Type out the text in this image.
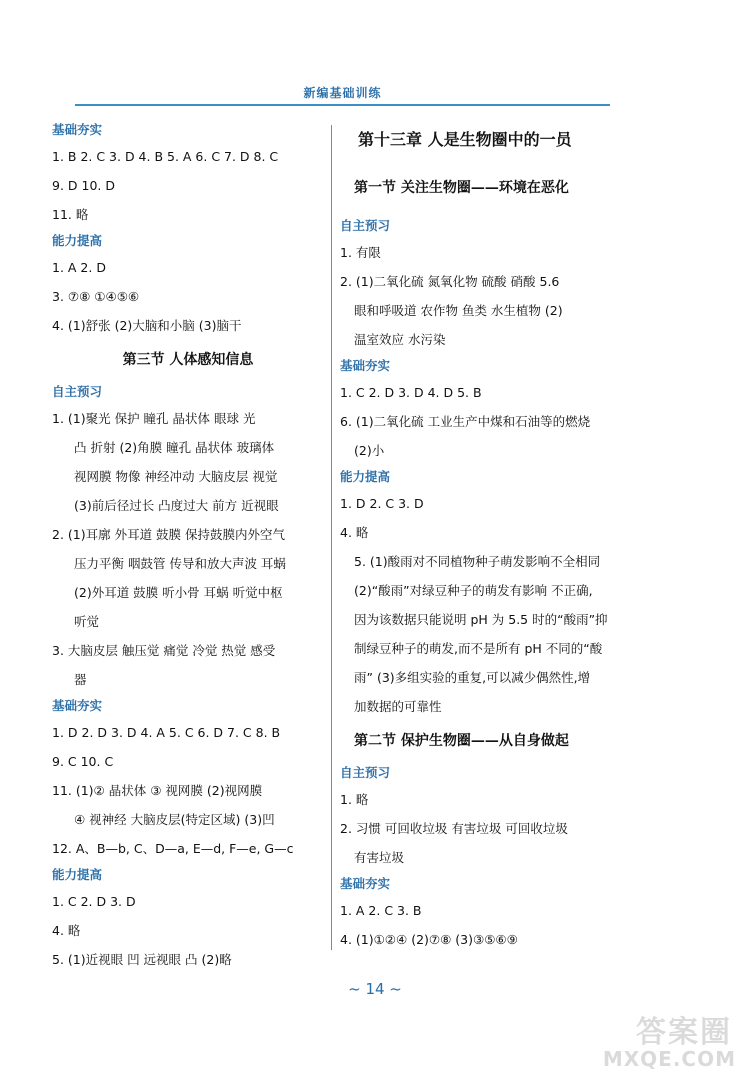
新编基础训练
基础夯实
1. B 2. C 3. D 4. B 5. A 6. C 7. D 8. C
9. D 10. D
11. 略
能力提高
1. A 2. D
3. ⑦⑧ ①④⑤⑥
4. (1)舒张 (2)大脑和小脑 (3)脑干
第三节 人体感知信息
自主预习
1. (1)聚光 保护 瞳孔 晶状体 眼球 光
凸 折射 (2)角膜 瞳孔 晶状体 玻璃体
视网膜 物像 神经冲动 大脑皮层 视觉
(3)前后径过长 凸度过大 前方 近视眼
2. (1)耳廓 外耳道 鼓膜 保持鼓膜内外空气
压力平衡 咽鼓管 传导和放大声波 耳蜗
(2)外耳道 鼓膜 听小骨 耳蜗 听觉中枢
听觉
3. 大脑皮层 触压觉 痛觉 冷觉 热觉 感受
器
基础夯实
1. D 2. D 3. D 4. A 5. C 6. D 7. C 8. B
9. C 10. C
11. (1)② 晶状体 ③ 视网膜 (2)视网膜
④ 视神经 大脑皮层(特定区域) (3)凹
12. A、B—b, C、D—a, E—d, F—e, G—c
能力提高
1. C 2. D 3. D
4. 略
5. (1)近视眼 凹 远视眼 凸 (2)略
第十三章 人是生物圈中的一员
第一节 关注生物圈——环境在恶化
自主预习
1. 有限
2. (1)二氧化硫 氮氧化物 硫酸 硝酸 5.6
眼和呼吸道 农作物 鱼类 水生植物 (2)
温室效应 水污染
基础夯实
1. C 2. D 3. D 4. D 5. B
6. (1)二氧化硫 工业生产中煤和石油等的燃烧
(2)小
能力提高
1. D 2. C 3. D
4. 略
5. (1)酸雨对不同植物种子萌发影响不全相同
(2)“酸雨”对绿豆种子的萌发有影响 不正确,
因为该数据只能说明 pH 为 5.5 时的“酸雨”抑
制绿豆种子的萌发,而不是所有 pH 不同的“酸
雨” (3)多组实验的重复,可以减少偶然性,增
加数据的可靠性
第二节 保护生物圈——从自身做起
自主预习
1. 略
2. 习惯 可回收垃圾 有害垃圾 可回收垃圾
有害垃圾
基础夯实
1. A 2. C 3. B
4. (1)①②④ (2)⑦⑧ (3)③⑤⑥⑨
~ 14 ~
答案圈
MXQE.COM
